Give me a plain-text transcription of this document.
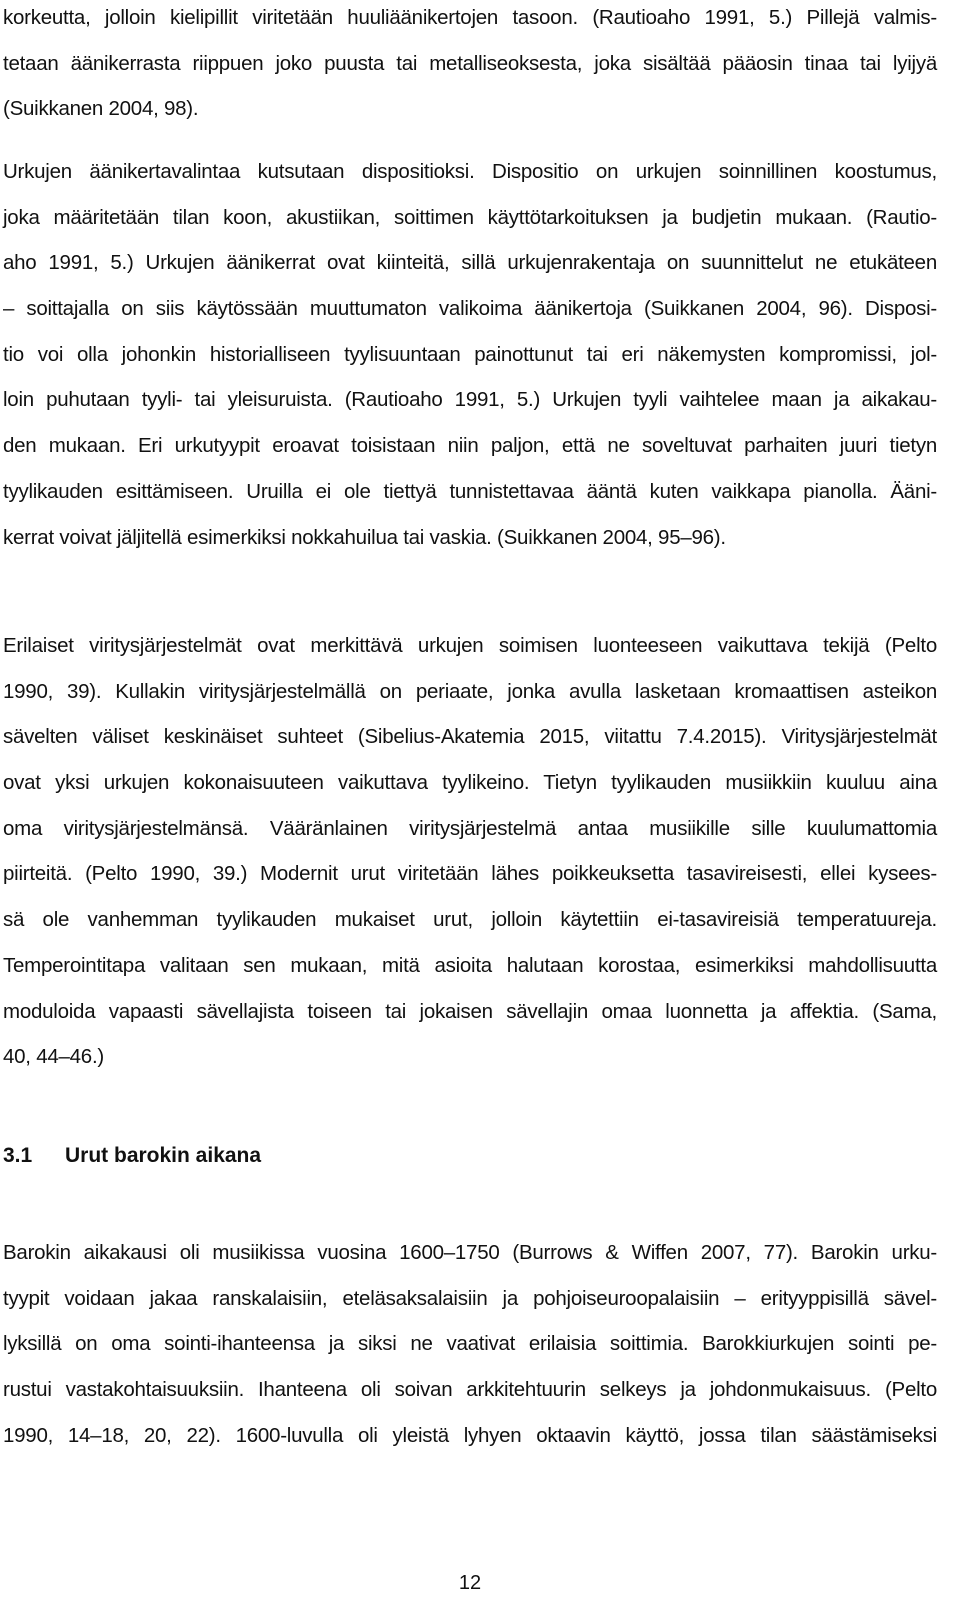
korkeutta, jolloin kielipillit viritetään huuliäänikertojen tasoon. (Rautioaho 1991, 5.) Pillejä valmis-
tetaan äänikerrasta riippuen joko puusta tai metalliseoksesta, joka sisältää pääosin tinaa tai lyijyä
(Suikkanen 2004, 98).
Urkujen äänikertavalintaa kutsutaan dispositioksi. Dispositio on urkujen soinnillinen koostumus,
joka määritetään tilan koon, akustiikan, soittimen käyttötarkoituksen ja budjetin mukaan. (Rautio-
aho 1991, 5.) Urkujen äänikerrat ovat kiinteitä, sillä urkujenrakentaja on suunnittelut ne etukäteen
– soittajalla on siis käytössään muuttumaton valikoima äänikertoja (Suikkanen 2004, 96). Disposi-
tio voi olla johonkin historialliseen tyylisuuntaan painottunut tai eri näkemysten kompromissi, jol-
loin puhutaan tyyli- tai yleisuruista. (Rautioaho 1991, 5.) Urkujen tyyli vaihtelee maan ja aikakau-
den mukaan. Eri urkutyypit eroavat toisistaan niin paljon, että ne soveltuvat parhaiten juuri tietyn
tyylikauden esittämiseen. Uruilla ei ole tiettyä tunnistettavaa ääntä kuten vaikkapa pianolla. Ääni-
kerrat voivat jäljitellä esimerkiksi nokkahuilua tai vaskia. (Suikkanen 2004, 95–96).
Erilaiset viritysjärjestelmät ovat merkittävä urkujen soimisen luonteeseen vaikuttava tekijä (Pelto
1990, 39). Kullakin viritysjärjestelmällä on periaate, jonka avulla lasketaan kromaattisen asteikon
sävelten väliset keskinäiset suhteet (Sibelius-Akatemia 2015, viitattu 7.4.2015). Viritysjärjestelmät
ovat yksi urkujen kokonaisuuteen vaikuttava tyylikeino. Tietyn tyylikauden musiikkiin kuuluu aina
oma viritysjärjestelmänsä. Vääränlainen viritysjärjestelmä antaa musiikille sille kuulumattomia
piirteitä. (Pelto 1990, 39.) Modernit urut viritetään lähes poikkeuksetta tasavireisesti, ellei kysees-
sä ole vanhemman tyylikauden mukaiset urut, jolloin käytettiin ei-tasavireisiä temperatuureja.
Temperointitapa valitaan sen mukaan, mitä asioita halutaan korostaa, esimerkiksi mahdollisuutta
moduloida vapaasti sävellajista toiseen tai jokaisen sävellajin omaa luonnetta ja affektia. (Sama,
40, 44–46.)
3.1 Urut barokin aikana
Barokin aikakausi oli musiikissa vuosina 1600–1750 (Burrows & Wiffen 2007, 77). Barokin urku-
tyypit voidaan jakaa ranskalaisiin, eteläsaksalaisiin ja pohjoiseuroopalaisiin – erityyppisillä sävel-
lyksillä on oma sointi-ihanteensa ja siksi ne vaativat erilaisia soittimia. Barokkiurkujen sointi pe-
rustui vastakohtaisuuksiin. Ihanteena oli soivan arkkitehtuurin selkeys ja johdonmukaisuus. (Pelto
1990, 14–18, 20, 22). 1600-luvulla oli yleistä lyhyen oktaavin käyttö, jossa tilan säästämiseksi
12
